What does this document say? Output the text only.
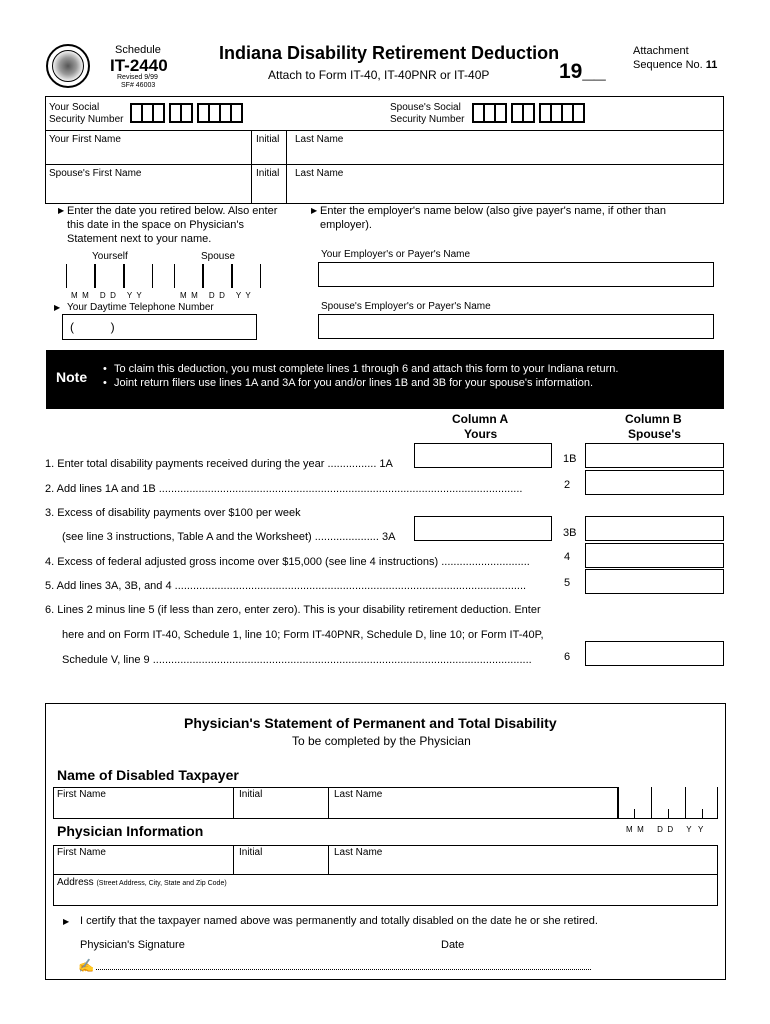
Schedule
IT-2440
Revised 9/99
SF# 46003
Indiana Disability Retirement Deduction
Attach to Form IT-40, IT-40PNR or IT-40P	19__
Attachment
Sequence No. 11
Your Social
Security Number
Spouse's Social
Security Number
Your First Name	Initial Last Name
Spouse's First Name	Initial Last Name
▶ Enter the date you retired below. Also enter
this date in the space on Physician's
Statement next to your name.
Yourself	Spouse
M  M     D  D     Y  Y	M  M     D  D     Y  Y
▶ Your Daytime Telephone Number
(           )
▶ Enter the employer's name below (also give payer's name, if other than
employer).
Your Employer's or Payer's Name
Spouse's Employer's or Payer's Name
Note • To claim this deduction, you must complete lines 1 through 6 and attach this form to your Indiana return.
• Joint return filers use lines 1A and 3A for you and/or lines 1B and 3B for your spouse's information.
Column A
Yours
Column B
Spouse's
1. Enter total disability payments received during the year ................ 1A	1B
2. Add lines 1A and 1B .......................................................................................................................	2
3. Excess of disability payments over $100 per week
(see line 3 instructions, Table A and the Worksheet) ..................... 3A	3B
4. Excess of federal adjusted gross income over $15,000 (see line 4 instructions) .............................	4
5. Add lines 3A, 3B, and 4 ...................................................................................................................	5
6. Lines 2 minus line 5 (if less than zero, enter zero). This is your disability retirement deduction. Enter
here and on Form IT-40, Schedule 1, line 10; Form IT-40PNR, Schedule D, line 10; or Form IT-40P,
Schedule V, line 9 ............................................................................................................................	6
Physician's Statement of Permanent and Total Disability
To be completed by the Physician
Name of Disabled Taxpayer
First Name	Initial	Last Name
M  M      D  D      Y   Y
Physician Information
First Name	Initial	Last Name
Address (Street Address, City, State and Zip Code)
▶ I certify that the taxpayer named above was permanently and totally disabled on the date he or she retired.
Physician's Signature	Date
✍
